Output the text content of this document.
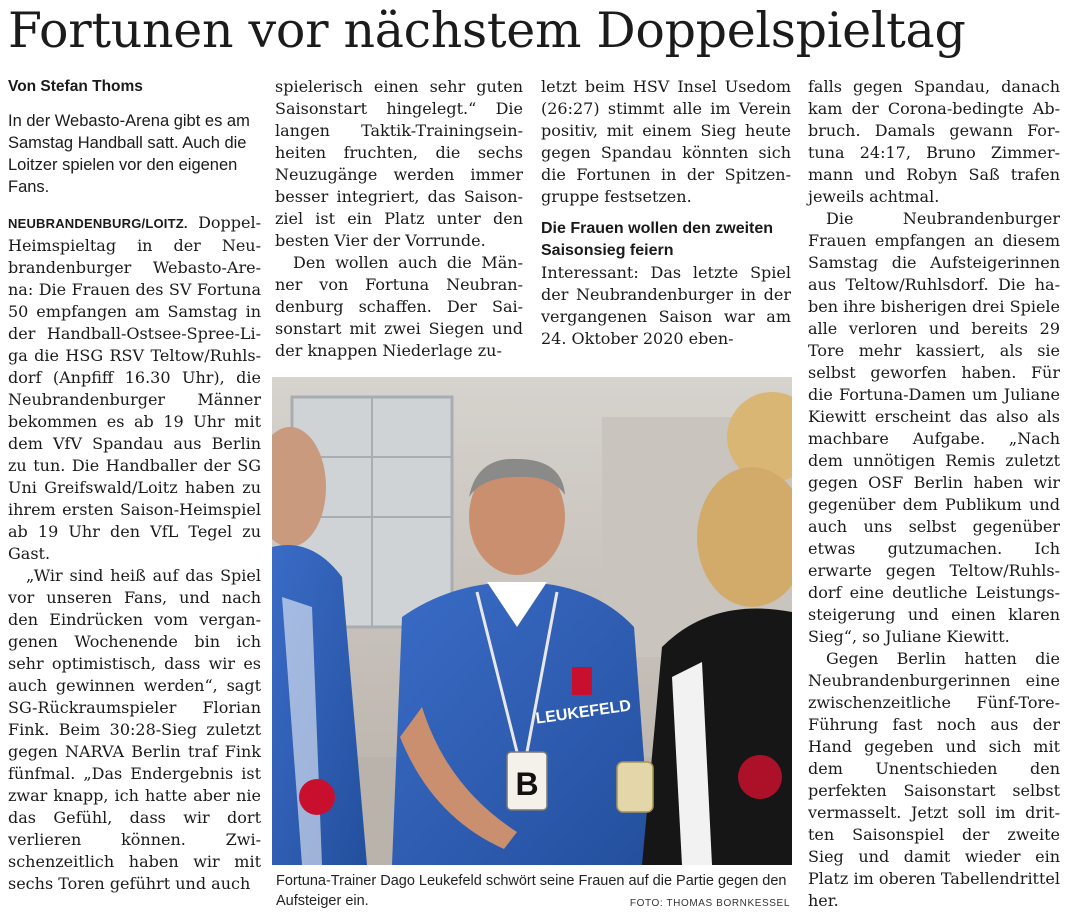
Fortunen vor nächstem Doppelspieltag

Von Stefan Thoms

In der Webasto-Arena gibt es am Samstag Handball satt. Auch die Loitzer spielen vor den eigenen Fans.

NEUBRANDENBURG/LOITZ. Doppel-Heimspieltag in der Neubrandenburger Webasto-Arena: Die Frauen des SV Fortuna 50 empfangen am Samstag in der Handball-Ostsee-Spree-Liga die HSG RSV Teltow/Ruhlsdorf (Anpfiff 16.30 Uhr), die Neubrandenburger Männer bekommen es ab 19 Uhr mit dem VfV Spandau aus Berlin zu tun. Die Handballer der SG Uni Greifswald/Loitz haben zu ihrem ersten Saison-Heimspiel ab 19 Uhr den VfL Tegel zu Gast.

„Wir sind heiß auf das Spiel vor unseren Fans, und nach den Eindrücken vom vergangenen Wochenende bin ich sehr optimistisch, dass wir es auch gewinnen werden“, sagt SG-Rückraumspieler Florian Fink. Beim 30:28-Sieg zuletzt gegen NARVA Berlin traf Fink fünfmal. „Das Endergebnis ist zwar knapp, ich hatte aber nie das Gefühl, dass wir dort verlieren können. Zwischenzeitlich haben wir mit sechs Toren geführt und auch

spielerisch einen sehr guten Saisonstart hingelegt.“ Die langen Taktik-Trainingseinheiten fruchten, die sechs Neuzugänge werden immer besser integriert, das Saisonziel ist ein Platz unter den besten Vier der Vorrunde.

Den wollen auch die Männer von Fortuna Neubrandenburg schaffen. Der Saisonstart mit zwei Siegen und der knappen Niederlage zu-

letzt beim HSV Insel Usedom (26:27) stimmt alle im Verein positiv, mit einem Sieg heute gegen Spandau könnten sich die Fortunen in der Spitzengruppe festsetzen.

Die Frauen wollen den zweiten Saisonsieg feiern

Interessant: Das letzte Spiel der Neubrandenburger in der vergangenen Saison war am 24. Oktober 2020 eben-

falls gegen Spandau, danach kam der Corona-bedingte Abbruch. Damals gewann Fortuna 24:17, Bruno Zimmermann und Robyn Saß trafen jeweils achtmal.

Die Neubrandenburger Frauen empfangen an diesem Samstag die Aufsteigerinnen aus Teltow/Ruhlsdorf. Die haben ihre bisherigen drei Spiele alle verloren und bereits 29 Tore mehr kassiert, als sie selbst geworfen haben. Für die Fortuna-Damen um Juliane Kiewitt erscheint das also als machbare Aufgabe. „Nach dem unnötigen Remis zuletzt gegen OSF Berlin haben wir gegenüber dem Publikum und auch uns selbst gegenüber etwas gutzumachen. Ich erwarte gegen Teltow/Ruhlsdorf eine deutliche Leistungssteigerung und einen klaren Sieg“, so Juliane Kiewitt.

Gegen Berlin hatten die Neubrandenburgerinnen eine zwischenzeitliche Fünf-Tore-Führung fast noch aus der Hand gegeben und sich mit dem Unentschieden den perfekten Saisonstart selbst vermasselt. Jetzt soll im dritten Saisonspiel der zweite Sieg und damit wieder ein Platz im oberen Tabellendrittel her.

B
LEUKEFELD
Fortuna-Trainer Dago Leukefeld schwört seine Frauen auf die Partie gegen den Aufsteiger ein.	FOTO: THOMAS BORNKESSEL
